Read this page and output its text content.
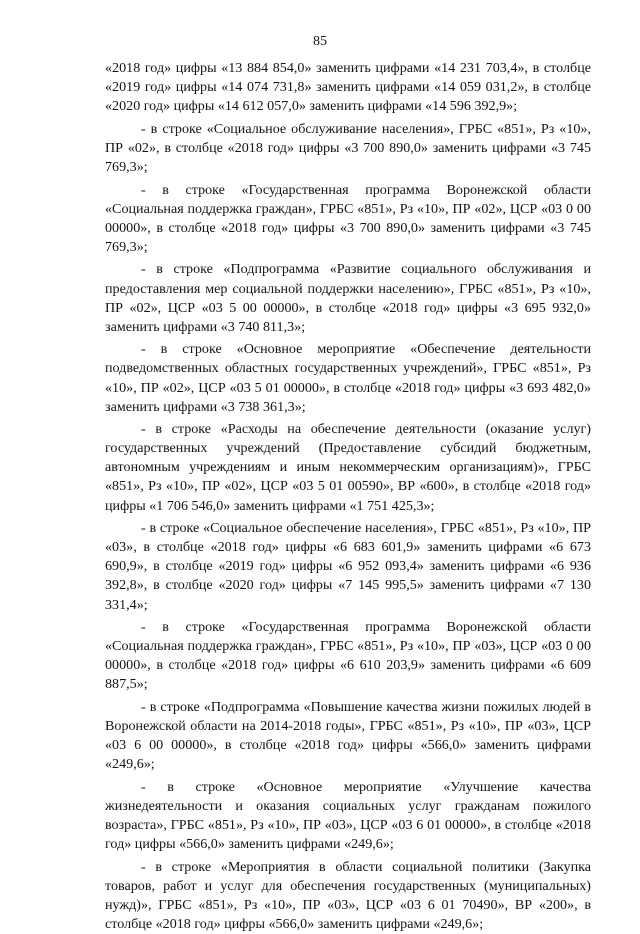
85

«2018 год» цифры «13 884 854,0» заменить цифрами «14 231 703,4», в столбце «2019 год» цифры «14 074 731,8» заменить цифрами «14 059 031,2», в столбце «2020 год» цифры «14 612 057,0» заменить цифрами «14 596 392,9»;

- в строке «Социальное обслуживание населения», ГРБС «851», Рз «10», ПР «02», в столбце «2018 год» цифры «3 700 890,0» заменить цифрами «3 745 769,3»;

- в строке «Государственная программа Воронежской области «Социальная поддержка граждан», ГРБС «851», Рз «10», ПР «02», ЦСР «03 0 00 00000», в столбце «2018 год» цифры «3 700 890,0» заменить цифрами «3 745 769,3»;

- в строке «Подпрограмма «Развитие социального обслуживания и предоставления мер социальной поддержки населению», ГРБС «851», Рз «10», ПР «02», ЦСР «03 5 00 00000», в столбце «2018 год» цифры «3 695 932,0» заменить цифрами «3 740 811,3»;

- в строке «Основное мероприятие «Обеспечение деятельности подведомственных областных государственных учреждений», ГРБС «851», Рз «10», ПР «02», ЦСР «03 5 01 00000», в столбце «2018 год» цифры «3 693 482,0» заменить цифрами «3 738 361,3»;

- в строке «Расходы на обеспечение деятельности (оказание услуг) государственных учреждений (Предоставление субсидий бюджетным, автономным учреждениям и иным некоммерческим организациям)», ГРБС «851», Рз «10», ПР «02», ЦСР «03 5 01 00590», ВР «600», в столбце «2018 год» цифры «1 706 546,0» заменить цифрами «1 751 425,3»;

- в строке «Социальное обеспечение населения», ГРБС «851», Рз «10», ПР «03», в столбце «2018 год» цифры «6 683 601,9» заменить цифрами «6 673 690,9», в столбце «2019 год» цифры «6 952 093,4» заменить цифрами «6 936 392,8», в столбце «2020 год» цифры «7 145 995,5» заменить цифрами «7 130 331,4»;

- в строке «Государственная программа Воронежской области «Социальная поддержка граждан», ГРБС «851», Рз «10», ПР «03», ЦСР «03 0 00 00000», в столбце «2018 год» цифры «6 610 203,9» заменить цифрами «6 609 887,5»;

- в строке «Подпрограмма «Повышение качества жизни пожилых людей в Воронежской области на 2014-2018 годы», ГРБС «851», Рз «10», ПР «03», ЦСР «03 6 00 00000», в столбце «2018 год» цифры «566,0» заменить цифрами «249,6»;

- в строке «Основное мероприятие «Улучшение качества жизнедеятельности и оказания социальных услуг гражданам пожилого возраста», ГРБС «851», Рз «10», ПР «03», ЦСР «03 6 01 00000», в столбце «2018 год» цифры «566,0» заменить цифрами «249,6»;

- в строке «Мероприятия в области социальной политики (Закупка товаров, работ и услуг для обеспечения государственных (муниципальных) нужд)», ГРБС «851», Рз «10», ПР «03», ЦСР «03 6 01 70490», ВР «200», в столбце «2018 год» цифры «566,0» заменить цифрами «249,6»;
